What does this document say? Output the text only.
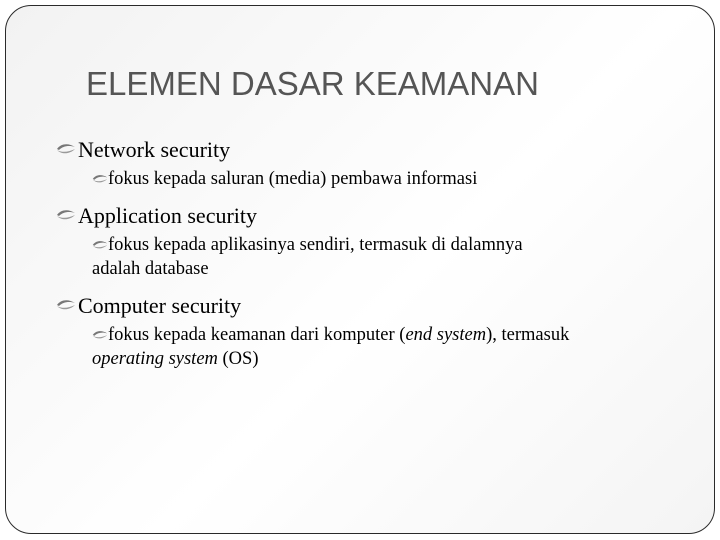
ELEMEN DASAR KEAMANAN
Network security
fokus kepada saluran (media) pembawa informasi
Application security
fokus kepada aplikasinya sendiri, termasuk di dalamnya
adalah database
Computer security
fokus kepada keamanan dari komputer (end system), termasuk
operating system (OS)
